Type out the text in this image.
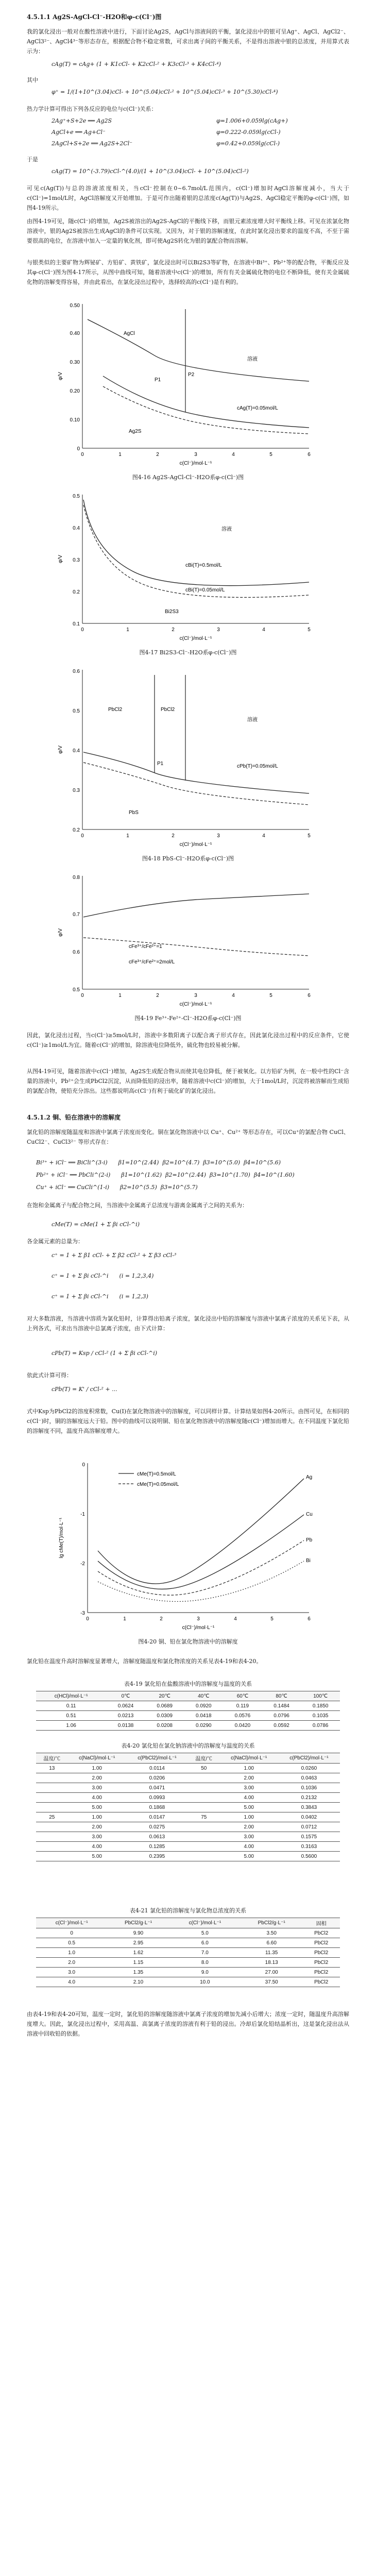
4.5.1.1 Ag2S-AgCl-Cl⁻-H2O和φ-c(Cl⁻)图

我的氯化浸出一般对在酸性溶液中进行，下面讨论Ag2S，AgCl与溶液间的平衡，氯化浸出中的银可呈Ag⁺、AgCl、AgCl2⁻、AgCl3²⁻、AgCl4³⁻等形态存在，根据配合物不稳定常数，可求出离子间的平衡关系，不是得出溶液中银的总浓度，并用算式表示为：

cAg(T) = cAg+ (1 + K1cCl- + K2cCl-² + K3cCl-³ + K4cCl-⁴)

其中

φ⁺ = 1/(1+10^(3.04)cCl- + 10^(5.04)cCl-² + 10^(5.04)cCl-³ + 10^(5.30)cCl-⁴)

热力学计算可得出下列各反应的电位与c(Cl⁻)关系：

2Ag⁺+S+2e ══ Ag2S	φ=1.006+0.059lg(cAg+)

AgCl+e ══ Ag+Cl⁻	φ=0.222-0.059lg(cCl-)

2AgCl+S+2e ══ Ag2S+2Cl⁻	φ=0.42+0.059lg(cCl-)

于是

cAg(T) = 10^(-3.79)cCl-^(4.0)/(1 + 10^(3.04)cCl- + 10^(5.04)cCl-²)

可见c(Ag(T))与总的溶液浓度相关，当cCl⁻控制在0~6.7mol/L范围内，c(Cl⁻)增加时AgCl溶解度减小，当大于c(Cl⁻)=1mol/L时，AgCl溶解度又开始增加。于是可作出随着银的总浓度c(Ag(T))与Ag2S、AgCl稳定平衡的φ-c(Cl⁻)图，如图4-19所示。

由图4-19可见，随c(Cl⁻)的增加，Ag2S被溶出的Ag2S-AgCl的平衡线下移，而银元素浓度增大时平衡线上移。可见在浓氯化物溶液中，银的Ag2S被溶出生成AgCl的条件可以实现。又因为，对于银的溶解速度，在此时氯化浸出要求的温度不高，不至于需要很高的电位，在溶液中加入一定量的氧化剂，即可使Ag2S转化为银的氯配合物而溶解。

与银类似的主要矿物为辉铋矿、方铅矿、黄铁矿，氯化浸出时可以Bi2S3等矿物，在溶液中Bi³⁺、Pb²⁺等的配合物，平衡反应及其φ-c(Cl⁻)图为图4-17所示，从图中曲线可知，随着溶液中c(Cl⁻)的增加，所有有关金属硫化物的电位不断降低，使有关金属硫化物的溶解变得容易，并由此看出，在氯化浸出过程中，选择较高的c(Cl⁻)是有利的。

0
0.10
0.20
0.30
0.40
0.50
0	1	2	3	4	5	6
φ/V
c(Cl⁻)/mol·L⁻¹
AgCl
溶液
Ag2S
P1
P2
cAg(T)=0.05mol/L

图4-16 Ag2S-AgCl-Cl⁻-H2O系φ-c(Cl⁻)图

0.1
0.2
0.3
0.4
0.5
0	1	2	3	4	5
φ/V
c(Cl⁻)/mol·L⁻¹
溶液
Bi2S3
cBi(T)=0.5mol/L
cBi(T)=0.05mol/L

图4-17 Bi2S3-Cl⁻-H2O系φ-c(Cl⁻)图

0.2
0.3
0.4
0.5
0.6
0	1	2	3	4	5
φ/V
c(Cl⁻)/mol·L⁻¹
PbCl2	PbCl2
溶液
PbS
P1	cPb(T)=0.05mol/L

图4-18 PbS-Cl⁻-H2O系φ-c(Cl⁻)图

0.5
0.6
0.7
0.8
0	1	2	3	4	5	6
φ/V
c(Cl⁻)/mol·L⁻¹
cFe³⁺/cFe²⁺=1
cFe³⁺/cFe²⁺=2mol/L

图4-19 Fe³⁺-Fe²⁺-Cl⁻-H2O系φ-c(Cl⁻)图

因此，氯化浸出过程，当c(Cl⁻)≥5mol/L时，溶液中多数阳离子以配合离子形式存在，因此氯化浸出过程中的反应条件，它使c(Cl⁻)≥1mol/L为宜。随着c(Cl⁻)的增加，除溶液电位降低外，硫化物也较易被分解。

从图4-19可见，随着溶液中c(Cl⁻)增加，Ag2S生成配合物从而使其电位降低，便于被氧化。以方铅矿为例，在一般中性的Cl⁻含量的溶液中，Pb²⁺会生成PbCl2沉淀，从而降低铅的浸出率，随着溶液中c(Cl⁻)的增加，大于1mol/L时，沉淀将被溶解而生成铅的氯配合物，使铅充分溶出。这些都说明高c(Cl⁻)有利于硫化矿的氯化浸出。

4.5.1.2 铜、铅在溶液中的溶解度

氯化铅的溶解度随温度和溶液中氯离子浓度而变化。铜在氯化物溶液中以 Cu⁺、Cu²⁺ 等形态存在，可以Cu⁺的氯配合物 CuCl、CuCl2⁻、CuCl3²⁻ 等形式存在：

Bi³⁺ + iCl⁻ ══ BiCli^(3-i)      β1=10^(2.44)  β2=10^(4.7)  β3=10^(5.0)  β4=10^(5.6)

Pb²⁺ + iCl⁻ ══ PbCli^(2-i)      β1=10^(1.62)  β2=10^(2.44)  β3=10^(1.70)  β4=10^(1.60)

Cu⁺ + iCl⁻ ══ CuCli^(1-i)      β2=10^(5.5)  β3=10^(5.7)

在饱和金属离子与配合物之间，当溶液中金属离子总浓度与游离金属离子之间的关系为：

cMe(T) = cMe(1 + Σ βi cCl-^i)

各金属元素的总量为：

c⁺ = 1 + Σ β1 cCl- + Σ β2 cCl-² + Σ β3 cCl-³

c⁺ = 1 + Σ βi cCl-^i      (i = 1,2,3,4)

c⁺ = 1 + Σ βi cCl-^i      (i = 1,2,3)

对大多数溶液，当溶液中溶质为氯化铅时，计算得出铅离子浓度，氯化浸出中铅的溶解度与溶液中氯离子浓度的关系见下表，从上列各式，可求出当溶液中总氯离子浓度，由下式计算：

cPb(T) = Ksp / cCl-² (1 + Σ βi cCl-^i)

依此式计算可得：

cPb(T) = K' / cCl-² + ...

式中Ksp为PbCl2的溶度积常数，Cu(Ⅰ)在氯化物溶液中的溶解度，可以同样计算。计算结果如图4-20所示。由图可见，在相同的c(Cl⁻)时，铜的溶解度远大于铅。图中的曲线可以说明铜、铅在氯化物溶液中的溶解度随c(Cl⁻)增加而增大。在不同温度下氯化铅的溶解度不同，温度升高溶解度增大。

-3
-2
-1
0
0	1	2	3	4	5	6
lg cMe(T)/mol·L⁻¹
c(Cl⁻)/mol·L⁻¹
cMe(T)=0.5mol/L
cMe(T)=0.05mol/L
Ag
Cu
Pb
Bi

图4-20 铜、铅在氯化物溶液中的溶解度

氯化铅在温度升高时溶解度显著增大，溶解度随温度和氯化物浓度的关系见表4-19和表4-20。

表4-19 氯化铅在盐酸溶液中的溶解度与温度的关系

c(HCl)/mol·L⁻¹	0℃	20℃	40℃	60℃	80℃	100℃
0.11	0.0624	0.0689	0.0920	0.119	0.1484	0.1850
0.51	0.0213	0.0309	0.0418	0.0576	0.0796	0.1035
1.06	0.0138	0.0208	0.0290	0.0420	0.0592	0.0786

表4-20 氯化铅在氯化钠溶液中的溶解度与温度的关系

温度/℃	c(NaCl)/mol·L⁻¹	c(PbCl2)/mol·L⁻¹	温度/℃	c(NaCl)/mol·L⁻¹	c(PbCl2)/mol·L⁻¹
13	1.00	0.0114	50	1.00	0.0260
	2.00	0.0206		2.00	0.0463
	3.00	0.0471		3.00	0.1036
	4.00	0.0993		4.00	0.2132
	5.00	0.1868		5.00	0.3843
25	1.00	0.0147	75	1.00	0.0402
	2.00	0.0275		2.00	0.0712
	3.00	0.0613		3.00	0.1575
	4.00	0.1285		4.00	0.3163
	5.00	0.2395		5.00	0.5600

表4-21 氯化铅的溶解度与氯化物总浓度的关系

c(Cl⁻)/mol·L⁻¹	PbCl2/g·L⁻¹	c(Cl⁻)/mol·L⁻¹	PbCl2/g·L⁻¹	固相
0	9.90	5.0	3.50	PbCl2
0.5	2.95	6.0	6.60	PbCl2
1.0	1.62	7.0	11.35	PbCl2
2.0	1.15	8.0	18.13	PbCl2
3.0	1.35	9.0	27.00	PbCl2
4.0	2.10	10.0	37.50	PbCl2

由表4-19和表4-20可知，温度一定时，氯化铅的溶解度随溶液中氯离子浓度的增加先减小后增大；浓度一定时，随温度升高溶解度增大。因此，氯化浸出过程中，采用高温、高氯离子浓度的溶液有利于铅的浸出。冷却后氯化铅结晶析出，这是氯化浸出法从溶液中回收铅的依据。
